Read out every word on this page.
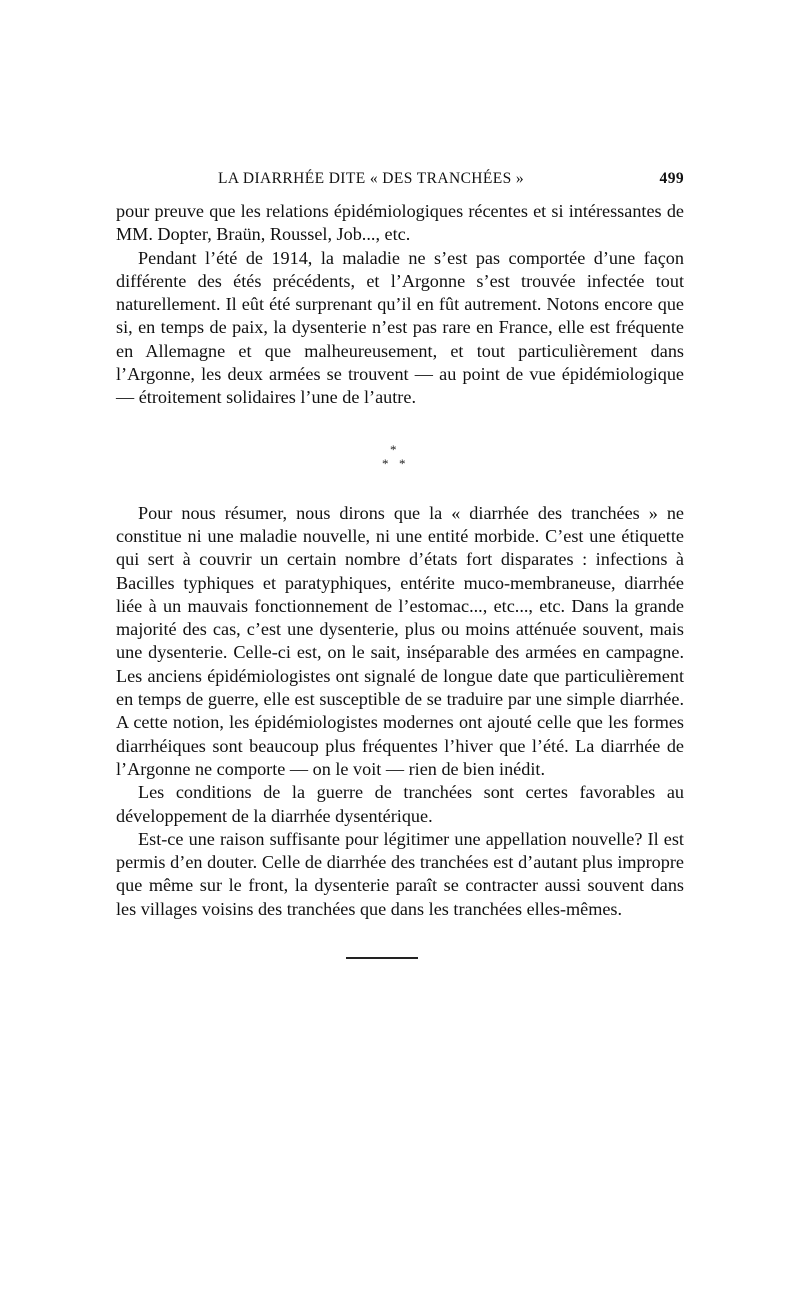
LA DIARRHÉE DITE « DES TRANCHÉES »	499

pour preuve que les relations épidémiologiques récentes et si intéressantes de MM. Dopter, Braün, Roussel, Job..., etc.

Pendant l’été de 1914, la maladie ne s’est pas comportée d’une façon différente des étés précédents, et l’Argonne s’est trouvée infectée tout naturellement. Il eût été surprenant qu’il en fût autrement. Notons encore que si, en temps de paix, la dysenterie n’est pas rare en France, elle est fréquente en Allemagne et que malheureusement, et tout particulièrement dans l’Argonne, les deux armées se trouvent — au point de vue épidémiologique — étroitement solidaires l’une de l’autre.

*
* *

Pour nous résumer, nous dirons que la « diarrhée des tranchées » ne constitue ni une maladie nouvelle, ni une entité morbide. C’est une étiquette qui sert à couvrir un certain nombre d’états fort disparates : infections à Bacilles typhiques et paratyphiques, entérite muco-membraneuse, diarrhée liée à un mauvais fonctionnement de l’estomac..., etc..., etc. Dans la grande majorité des cas, c’est une dysenterie, plus ou moins atténuée souvent, mais une dysenterie. Celle-ci est, on le sait, inséparable des armées en campagne. Les anciens épidémiologistes ont signalé de longue date que particulièrement en temps de guerre, elle est susceptible de se traduire par une simple diarrhée. A cette notion, les épidémiologistes modernes ont ajouté celle que les formes diarrhéiques sont beaucoup plus fréquentes l’hiver que l’été. La diarrhée de l’Argonne ne comporte — on le voit — rien de bien inédit.

Les conditions de la guerre de tranchées sont certes favorables au développement de la diarrhée dysentérique.

Est-ce une raison suffisante pour légitimer une appellation nouvelle? Il est permis d’en douter. Celle de diarrhée des tranchées est d’autant plus impropre que même sur le front, la dysenterie paraît se contracter aussi souvent dans les villages voisins des tranchées que dans les tranchées elles-mêmes.
